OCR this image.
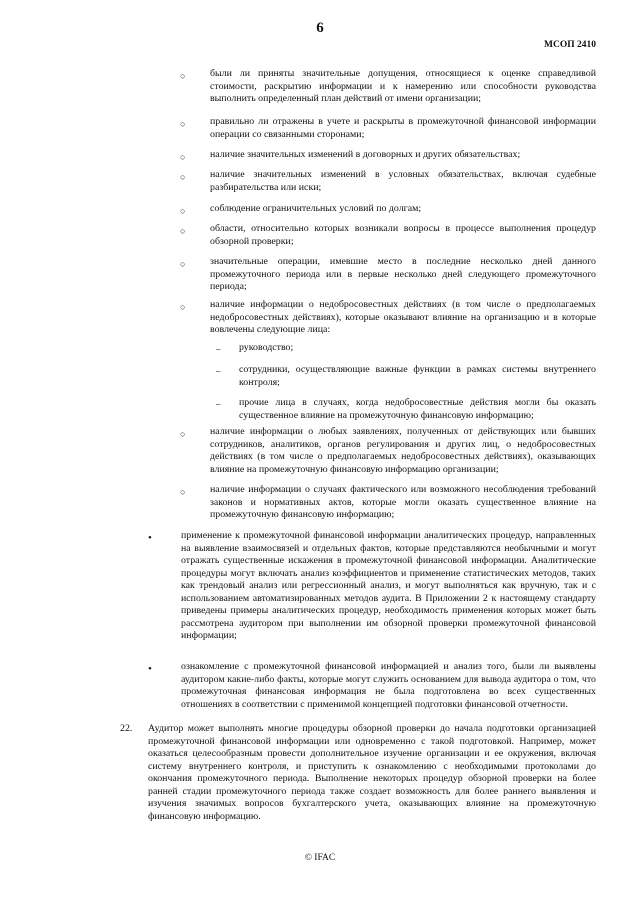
6
МСОП 2410
○ были ли приняты значительные допущения, относящиеся к оценке справедливой стоимости, раскрытию информации и к намерению или способности руководства выполнить определенный план действий от имени организации;
○ правильно ли отражены в учете и раскрыты в промежуточной финансовой информации операции со связанными сторонами;
○ наличие значительных изменений в договорных и других обязательствах;
○ наличие значительных изменений в условных обязательствах, включая судебные разбирательства или иски;
○ соблюдение ограничительных условий по долгам;
○ области, относительно которых возникали вопросы в процессе выполнения процедур обзорной проверки;
○ значительные операции, имевшие место в последние несколько дней данного промежуточного периода или в первые несколько дней следующего промежуточного периода;
○ наличие информации о недобросовестных действиях (в том числе о предполагаемых недобросовестных действиях), которые оказывают влияние на организацию и в которые вовлечены следующие лица:
– руководство;
– сотрудники, осуществляющие важные функции в рамках системы внутреннего контроля;
– прочие лица в случаях, когда недобросовестные действия могли бы оказать существенное влияние на промежуточную финансовую информацию;
○ наличие информации о любых заявлениях, полученных от действующих или бывших сотрудников, аналитиков, органов регулирования и других лиц, о недобросовестных действиях (в том числе о предполагаемых недобросовестных действиях), оказывающих влияние на промежуточную финансовую информацию организации;
○ наличие информации о случаях фактического или возможного несоблюдения требований законов и нормативных актов, которые могли оказать существенное влияние на промежуточную финансовую информацию;
•	применение к промежуточной финансовой информации аналитических процедур, направленных на выявление взаимосвязей и отдельных фактов, которые представляются необычными и могут отражать существенные искажения в промежуточной финансовой информации. Аналитические процедуры могут включать анализ коэффициентов и применение статистических методов, таких как трендовый анализ или регрессионный анализ, и могут выполняться как вручную, так и с использованием автоматизированных методов аудита. В Приложении 2 к настоящему стандарту приведены примеры аналитических процедур, необходимость применения которых может быть рассмотрена аудитором при выполнении им обзорной проверки промежуточной финансовой информации;
•	ознакомление с промежуточной финансовой информацией и анализ того, были ли выявлены аудитором какие-либо факты, которые могут служить основанием для вывода аудитора о том, что промежуточная финансовая информация не была подготовлена во всех существенных отношениях в соответствии с применимой концепцией подготовки финансовой отчетности.
22. Аудитор может выполнять многие процедуры обзорной проверки до начала подготовки организацией промежуточной финансовой информации или одновременно с такой подготовкой. Например, может оказаться целесообразным провести дополнительное изучение организации и ее окружения, включая систему внутреннего контроля, и приступить к ознакомлению с необходимыми протоколами до окончания промежуточного периода. Выполнение некоторых процедур обзорной проверки на более ранней стадии промежуточного периода также создает возможность для более раннего выявления и изучения значимых вопросов бухгалтерского учета, оказывающих влияние на промежуточную финансовую информацию.
© IFAC
